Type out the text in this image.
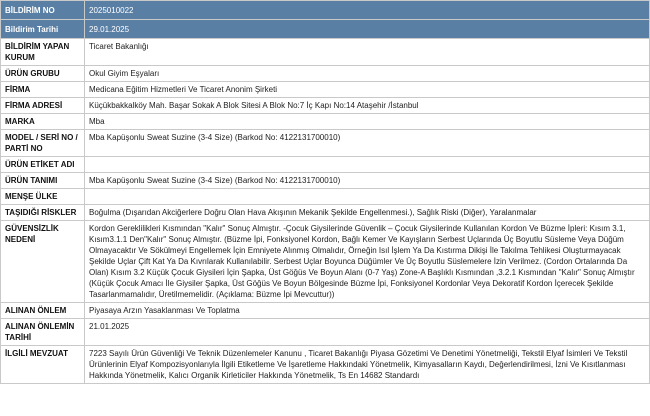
BİLDİRİM NO	2025010022
Bildirim Tarihi	29.01.2025
BİLDİRİM YAPAN KURUM	Ticaret Bakanlığı
ÜRÜN GRUBU	Okul Giyim Eşyaları
FİRMA	Medicana Eğitim Hizmetleri Ve Ticaret Anonim Şirketi
FİRMA ADRESİ	Küçükbakkalköy Mah. Başar Sokak A Blok Sitesi A Blok No:7 İç Kapı No:14 Ataşehir /İstanbul
MARKA	Mba
MODEL / SERİ NO / PARTİ NO	Mba Kapüşonlu Sweat Suzine (3-4 Size) (Barkod No: 4122131700010)
ÜRÜN ETİKET ADI	
ÜRÜN TANIMI	Mba Kapüşonlu Sweat Suzine (3-4 Size) (Barkod No: 4122131700010)
MENŞE ÜLKE	
TAŞIDIĞI RİSKLER	Boğulma (Dışarıdan Akciğerlere Doğru Olan Hava Akışının Mekanik Şekilde Engellenmesi.), Sağlık Riski (Diğer), Yaralanmalar
GÜVENSİZLİK NEDENİ	Kordon Gereklilikleri Kısmından "Kalır" Sonuç Almıştır. -Çocuk Giysilerinde Güvenlik – Çocuk Giysilerinde Kullanılan Kordon Ve Büzme İpleri: Kısım 3.1, Kısım3.1.1 Den"Kalır" Sonuç Almıştır. (Büzme İpi, Fonksiyonel Kordon, Bağlı Kemer Ve Kayışların Serbest Uçlarında Üç Boyutlu Süsleme Veya Düğüm Olmayacaktır Ve Sökülmeyi Engellemek İçin Emniyete Alınmış Olmalıdır, Örneğin Isıl İşlem Ya Da Kıstırma Dikişi İle Takılma Tehlikesi Oluşturmayacak Şekilde Uçlar Çift Kat Ya Da Kıvrılarak Kullanılabilir. Serbest Uçlar Boyunca Düğümler Ve Üç Boyutlu Süslemelere İzin Verilmez. (Cordon Ortalarında Da Olan) Kısım 3.2 Küçük Çocuk Giysileri İçin Şapka, Üst Göğüs Ve Boyun Alanı (0-7 Yaş) Zone-A Başlıklı Kısmından ,3.2.1 Kısmından "Kalır" Sonuç Almıştır (Küçük Çocuk Amacı İle Giysiler Şapka, Üst Göğüs Ve Boyun Bölgesinde Büzme İpi, Fonksiyonel Kordonlar Veya Dekoratif Kordon İçerecek Şekilde Tasarlanmamalıdır, Üretilmemelidir. (Açıklama: Büzme İpi Mevcuttur))
ALINAN ÖNLEM	Piyasaya Arzın Yasaklanması Ve Toplatma
ALINAN ÖNLEMİN TARİHİ	21.01.2025
İLGİLİ MEVZUAT	7223 Sayılı Ürün Güvenliği Ve Teknik Düzenlemeler Kanunu , Ticaret Bakanlığı Piyasa Gözetimi Ve Denetimi Yönetmeliği, Tekstil Elyaf İsimleri Ve Tekstil Ürünlerinin Elyaf Kompozisyonlarıyla İlgili Etiketleme Ve İşaretleme Hakkındaki Yönetmelik, Kimyasalların Kaydı, Değerlendirilmesi, İzni Ve Kısıtlanması Hakkında Yönetmelik, Kalıcı Organik Kirleticiler Hakkında Yönetmelik, Ts En 14682 Standardı
